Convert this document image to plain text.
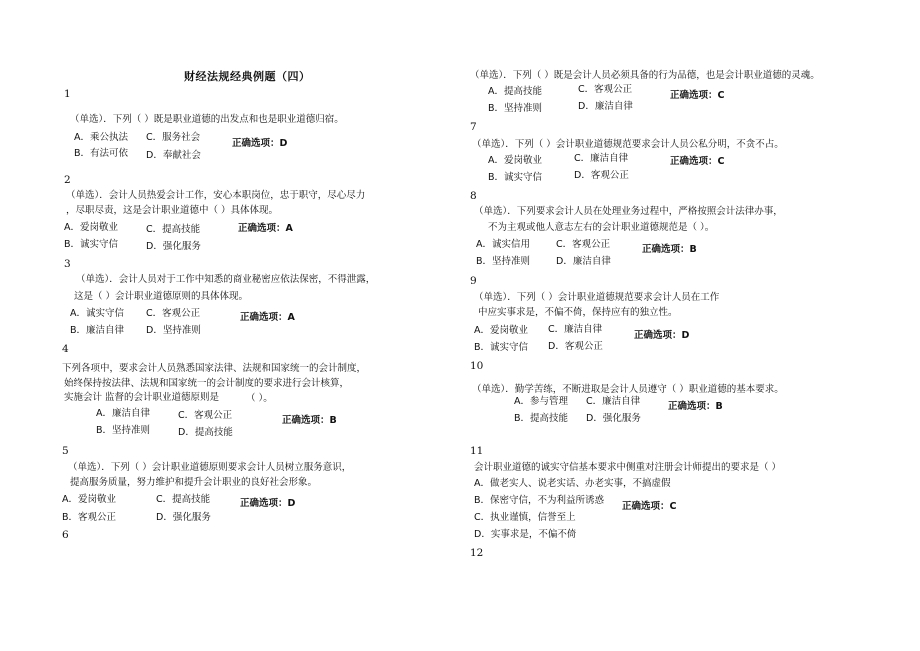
财经法规经典例题（四）
1
（单选）．下列（ ）既是职业道德的出发点和也是职业道德归宿。
A．乘公执法 C．服务社会
正确选项：D
B．有法可依 D．奉献社会
2
（单选）．会计人员热爱会计工作，安心本职岗位，忠于职守，尽心尽力
，尽职尽责，这是会计职业道德中（ ）具体体现。
A．爱岗敬业	C．提高技能	正确选项：A
B．诚实守信	D．强化服务
3
（单选）．会计人员对于工作中知悉的商业秘密应依法保密，不得泄露，
这是（ ）会计职业道德原则的具体体现。
A．诚实守信 C．客观公正	正确选项：A
B．廉洁自律 D．坚持准则
4
下列各项中，要求会计人员熟悉国家法律、法规和国家统一的会计制度，
始终保持按法律、法规和国家统一的会计制度的要求进行会计核算，
实施会计 监督的会计职业道德原则是	（ ）。
A．廉洁自律	C．客观公正	正确选项：B
B．坚持准则	D．提高技能
5
（单选）．下列（ ）会计职业道德原则要求会计人员树立服务意识，
提高服务质量，努力维护和提升会计职业的良好社会形象。
A．爱岗敬业	C．提高技能	正确选项：D
B．客观公正	D．强化服务
6
（单选）．下列（ ）既是会计人员必须具备的行为品德，也是会计职业道德的灵魂。
A．提高技能	C．客观公正
正确选项：C
B．坚持准则	D．廉洁自律
7
（单选）．下列（ ）会计职业道德规范要求会计人员公私分明，不贪不占。
A．爱岗敬业	C．廉洁自律	正确选项：C
B．诚实守信	D．客观公正
8
（单选）．下列要求会计人员在处理业务过程中，严格按照会计法律办事，
不为主观或他人意志左右的会计职业道德规范是（ ）。
A．诚实信用	C．客观公正	正确选项：B
B．坚持准则	D．廉洁自律
9
（单选）．下列（ ）会计职业道德规范要求会计人员在工作
中应实事求是，不偏不倚，保持应有的独立性。
A．爱岗敬业 C．廉洁自律
正确选项：D
B．诚实守信 D．客观公正
10
（单选）．勤学苦练，不断进取是会计人员遵守（ ）职业道德的基本要求。
A．参与管理 C．廉洁自律	正确选项：B
B．提高技能 D．强化服务
11
会计职业道德的诚实守信基本要求中侧重对注册会计师提出的要求是（ ）
A．做老实人、说老实话、办老实事，不搞虚假
B．保密守信，不为利益所诱惑
正确选项：C
C．执业谨慎，信誉至上
D．实事求是，不偏不倚
12
